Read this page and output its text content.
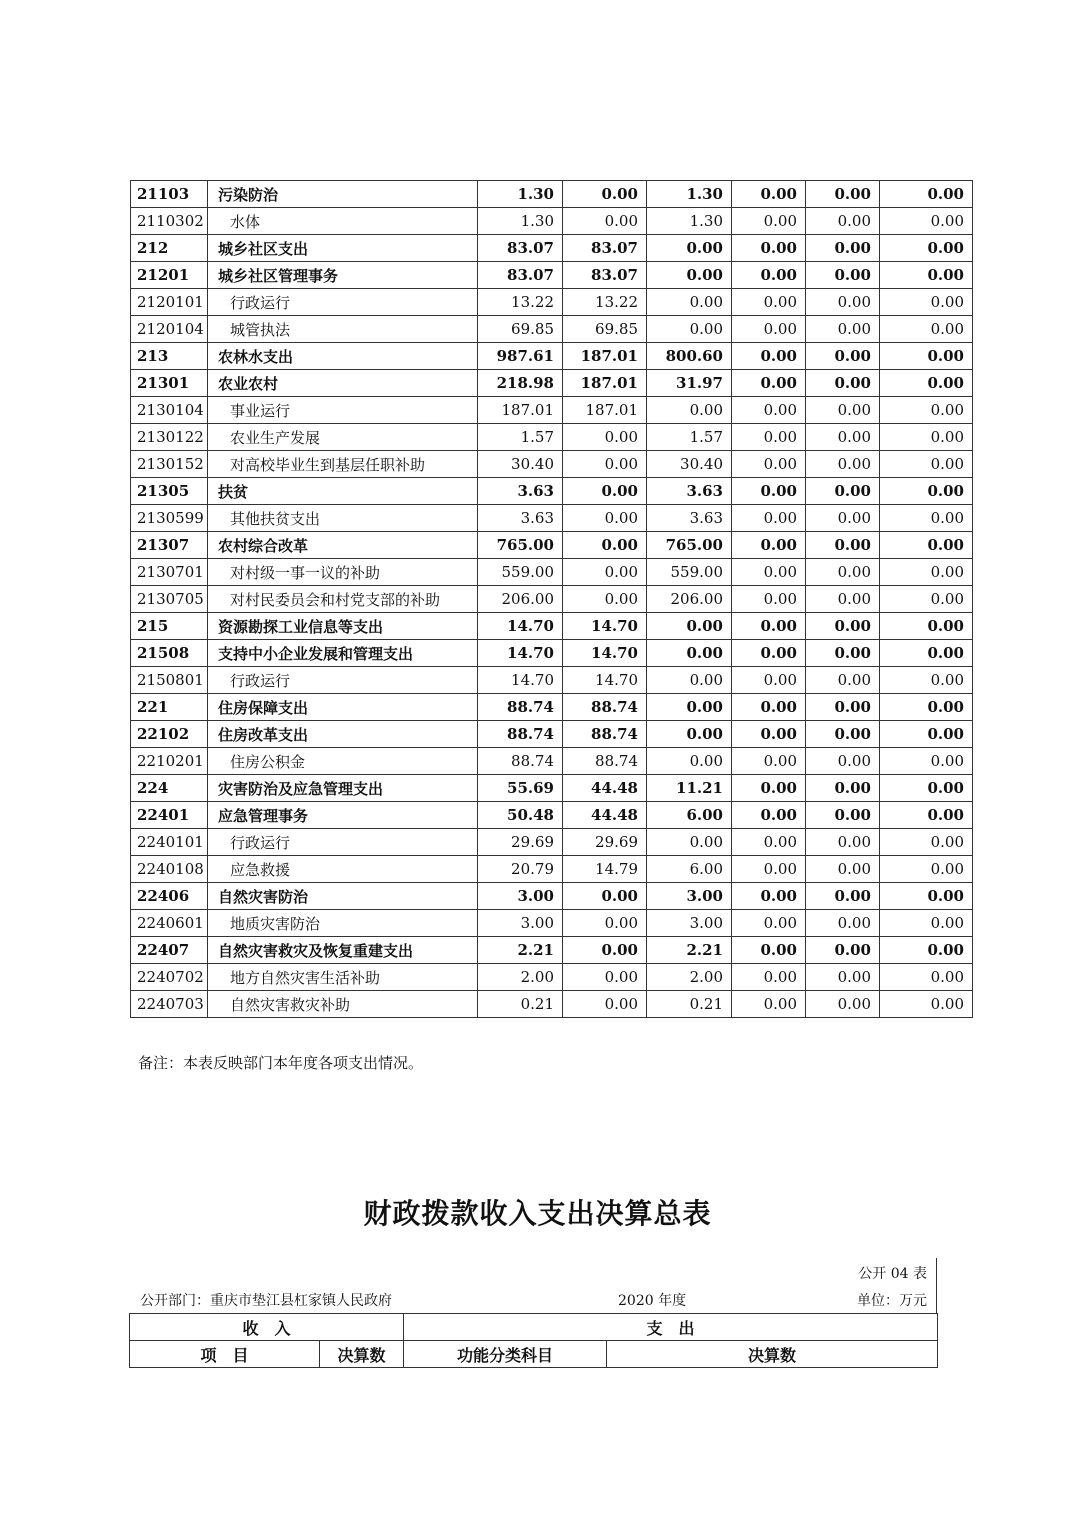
21103	污染防治	1.30	0.00	1.30	0.00	0.00	0.00
2110302	水体	1.30	0.00	1.30	0.00	0.00	0.00
212	城乡社区支出	83.07	83.07	0.00	0.00	0.00	0.00
21201	城乡社区管理事务	83.07	83.07	0.00	0.00	0.00	0.00
2120101	行政运行	13.22	13.22	0.00	0.00	0.00	0.00
2120104	城管执法	69.85	69.85	0.00	0.00	0.00	0.00
213	农林水支出	987.61	187.01	800.60	0.00	0.00	0.00
21301	农业农村	218.98	187.01	31.97	0.00	0.00	0.00
2130104	事业运行	187.01	187.01	0.00	0.00	0.00	0.00
2130122	农业生产发展	1.57	0.00	1.57	0.00	0.00	0.00
2130152	对高校毕业生到基层任职补助	30.40	0.00	30.40	0.00	0.00	0.00
21305	扶贫	3.63	0.00	3.63	0.00	0.00	0.00
2130599	其他扶贫支出	3.63	0.00	3.63	0.00	0.00	0.00
21307	农村综合改革	765.00	0.00	765.00	0.00	0.00	0.00
2130701	对村级一事一议的补助	559.00	0.00	559.00	0.00	0.00	0.00
2130705	对村民委员会和村党支部的补助	206.00	0.00	206.00	0.00	0.00	0.00
215	资源勘探工业信息等支出	14.70	14.70	0.00	0.00	0.00	0.00
21508	支持中小企业发展和管理支出	14.70	14.70	0.00	0.00	0.00	0.00
2150801	行政运行	14.70	14.70	0.00	0.00	0.00	0.00
221	住房保障支出	88.74	88.74	0.00	0.00	0.00	0.00
22102	住房改革支出	88.74	88.74	0.00	0.00	0.00	0.00
2210201	住房公积金	88.74	88.74	0.00	0.00	0.00	0.00
224	灾害防治及应急管理支出	55.69	44.48	11.21	0.00	0.00	0.00
22401	应急管理事务	50.48	44.48	6.00	0.00	0.00	0.00
2240101	行政运行	29.69	29.69	0.00	0.00	0.00	0.00
2240108	应急救援	20.79	14.79	6.00	0.00	0.00	0.00
22406	自然灾害防治	3.00	0.00	3.00	0.00	0.00	0.00
2240601	地质灾害防治	3.00	0.00	3.00	0.00	0.00	0.00
22407	自然灾害救灾及恢复重建支出	2.21	0.00	2.21	0.00	0.00	0.00
2240702	地方自然灾害生活补助	2.00	0.00	2.00	0.00	0.00	0.00
2240703	自然灾害救灾补助	0.21	0.00	0.21	0.00	0.00	0.00
备注：本表反映部门本年度各项支出情况。
财政拨款收入支出决算总表
公开 04 表
公开部门：重庆市垫江县杠家镇人民政府	2020 年度	单位：万元
收　入		支　出	
项　目	决算数	功能分类科目	决算数
